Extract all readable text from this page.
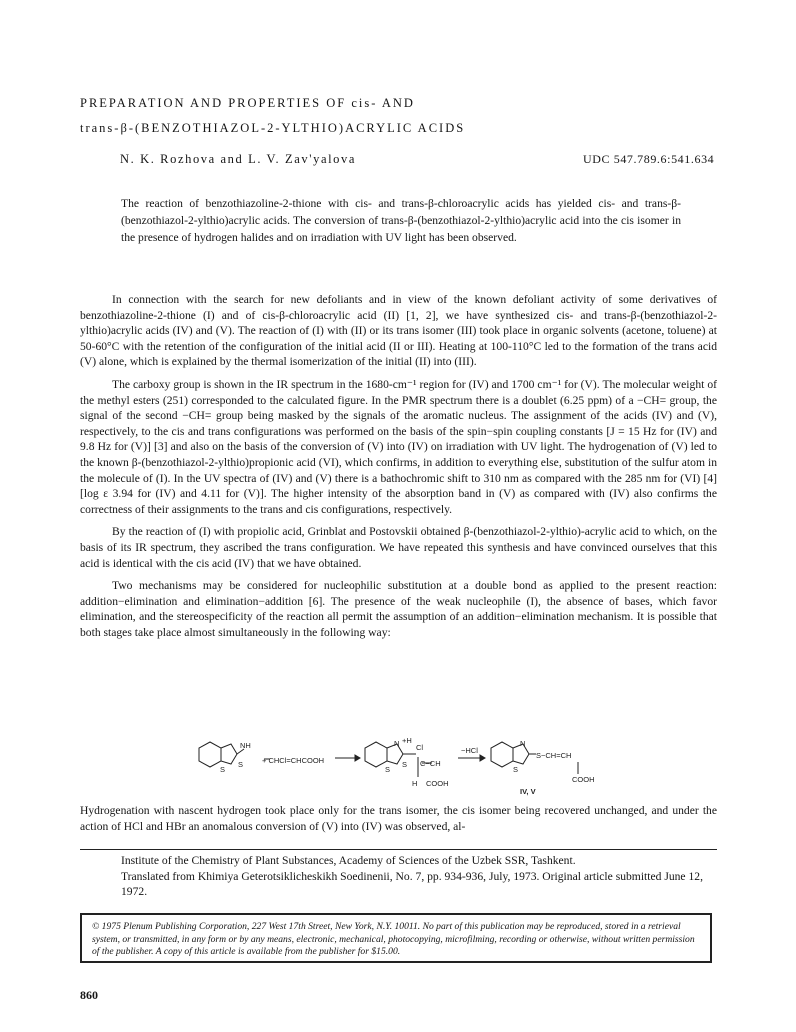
PREPARATION AND PROPERTIES OF cis- AND
trans-β-(BENZOTHIAZOL-2-YLTHIO)ACRYLIC ACIDS
N. K. Rozhova and L. V. Zav'yalova	UDC 547.789.6:541.634
The reaction of benzothiazoline-2-thione with cis- and trans-β-chloroacrylic acids has yielded cis- and trans-β-(benzothiazol-2-ylthio)acrylic acids. The conversion of trans-β-(benzothiazol-2-ylthio)acrylic acid into the cis isomer in the presence of hydrogen halides and on irradiation with UV light has been observed.

In connection with the search for new defoliants and in view of the known defoliant activity of some derivatives of benzothiazoline-2-thione (I) and of cis-β-chloroacrylic acid (II) [1, 2], we have synthesized cis- and trans-β-(benzothiazol-2-ylthio)acrylic acids (IV) and (V). The reaction of (I) with (II) or its trans isomer (III) took place in organic solvents (acetone, toluene) at 50-60°C with the retention of the configuration of the initial acid (II or III). Heating at 100-110°C led to the formation of the trans acid (V) alone, which is explained by the thermal isomerization of the initial (II) into (III).

The carboxy group is shown in the IR spectrum in the 1680-cm⁻¹ region for (IV) and 1700 cm⁻¹ for (V). The molecular weight of the methyl esters (251) corresponded to the calculated figure. In the PMR spectrum there is a doublet (6.25 ppm) of a −CH= group, the signal of the second −CH= group being masked by the signals of the aromatic nucleus. The assignment of the acids (IV) and (V), respectively, to the cis and trans configurations was performed on the basis of the spin−spin coupling constants [J = 15 Hz for (IV) and 9.8 Hz for (V)] [3] and also on the basis of the conversion of (V) into (IV) on irradiation with UV light. The hydrogenation of (V) led to the known β-(benzothiazol-2-ylthio)propionic acid (VI), which confirms, in addition to everything else, substitution of the sulfur atom in the molecule of (I). In the UV spectra of (IV) and (V) there is a bathochromic shift to 310 nm as compared with the 285 nm for (VI) [4] [log ε 3.94 for (IV) and 4.11 for (V)]. The higher intensity of the absorption band in (V) as compared with (IV) also confirms the correctness of their assignments to the trans and cis configurations, respectively.

By the reaction of (I) with propiolic acid, Grinblat and Postovskii obtained β-(benzothiazol-2-ylthio)-acrylic acid to which, on the basis of its IR spectrum, they ascribed the trans configuration. We have repeated this synthesis and have convinced ourselves that this acid is identical with the cis acid (IV) that we have obtained.

Two mechanisms may be considered for nucleophilic substitution at a double bond as applied to the present reaction: addition−elimination and elimination−addition [6]. The presence of the weak nucleophile (I), the absence of bases, which favor elimination, and the stereospecificity of the reaction all permit the assumption of an addition−elimination mechanism. It is possible that both stages take place almost simultaneously in the following way:

NH
S
S	+ CHCl=CHCOOH
+H
Cl
N
S
S C−CH
H COOH
−HCl
N
S
S−CH=CH
COOH
IV, V

Hydrogenation with nascent hydrogen took place only for the trans isomer, the cis isomer being recovered unchanged, and under the action of HCl and HBr an anomalous conversion of (V) into (IV) was observed, al-

Institute of the Chemistry of Plant Substances, Academy of Sciences of the Uzbek SSR, Tashkent.
Translated from Khimiya Geterotsiklicheskikh Soedinenii, No. 7, pp. 934-936, July, 1973. Original article submitted June 12, 1972.
© 1975 Plenum Publishing Corporation, 227 West 17th Street, New York, N.Y. 10011. No part of this publication may be reproduced, stored in a retrieval system, or transmitted, in any form or by any means, electronic, mechanical, photocopying, microfilming, recording or otherwise, without written permission of the publisher. A copy of this article is available from the publisher for $15.00.
860
